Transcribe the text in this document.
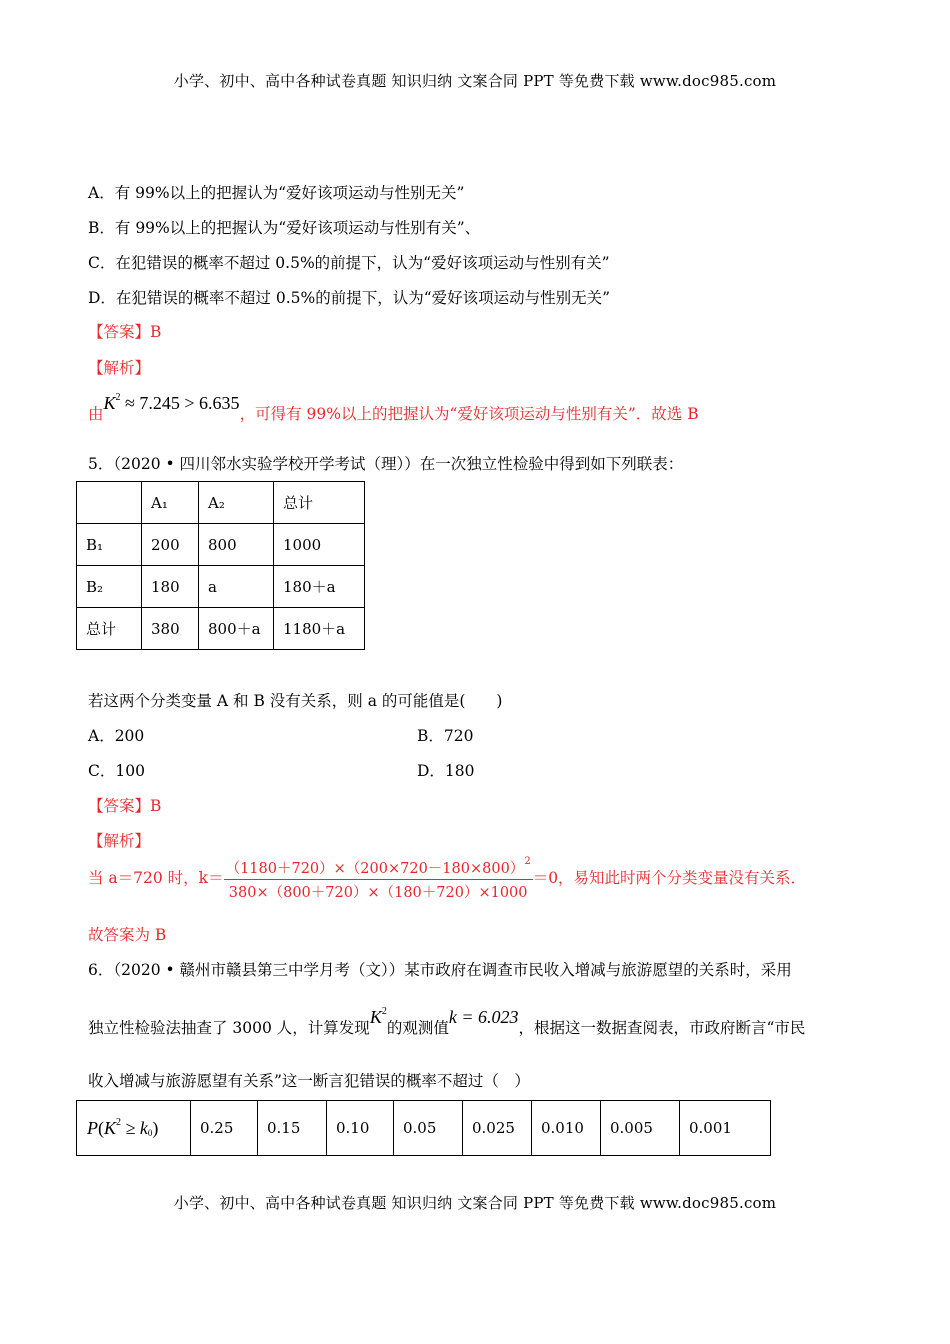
小学、初中、高中各种试卷真题 知识归纳 文案合同 PPT 等免费下载 www.doc985.com
A．有 99%以上的把握认为“爱好该项运动与性别无关”
B．有 99%以上的把握认为“爱好该项运动与性别有关”、
C．在犯错误的概率不超过 0.5%的前提下，认为“爱好该项运动与性别有关”
D．在犯错误的概率不超过 0.5%的前提下，认为“爱好该项运动与性别无关”
【答案】B
【解析】
由$K^2 \approx 7.245 > 6.635$，可得有 99%以上的把握认为“爱好该项运动与性别有关”．故选 B
5．（2020 • 四川邻水实验学校开学考试（理））在一次独立性检验中得到如下列联表：
	A₁	A₂	总计
B₁	200	800	1000
B₂	180	a	180＋a
总计	380	800＋a	1180＋a
若这两个分类变量 A 和 B 没有关系，则 a 的可能值是(　　)
A．200	B．720
C．100	D．180
【答案】B
【解析】
当 a＝720 时，$k= \frac{(1180+720)\times(200\times 720-180\times 800)^2}{380\times(800+720)\times(180+720)\times 1000} =0$，易知此时两个分类变量没有关系．
故答案为 B
6．（2020 • 赣州市赣县第三中学月考（文））某市政府在调查市民收入增减与旅游愿望的关系时，采用
独立性检验法抽查了 3000 人，计算发现$K^2$的观测值k = 6.023，根据这一数据查阅表，市政府断言“市民
收入增减与旅游愿望有关系”这一断言犯错误的概率不超过（　）
$P(K^2 \ge k_0)$	0.25	0.15	0.10	0.05	0.025	0.010	0.005	0.001
小学、初中、高中各种试卷真题 知识归纳 文案合同 PPT 等免费下载 www.doc985.com
